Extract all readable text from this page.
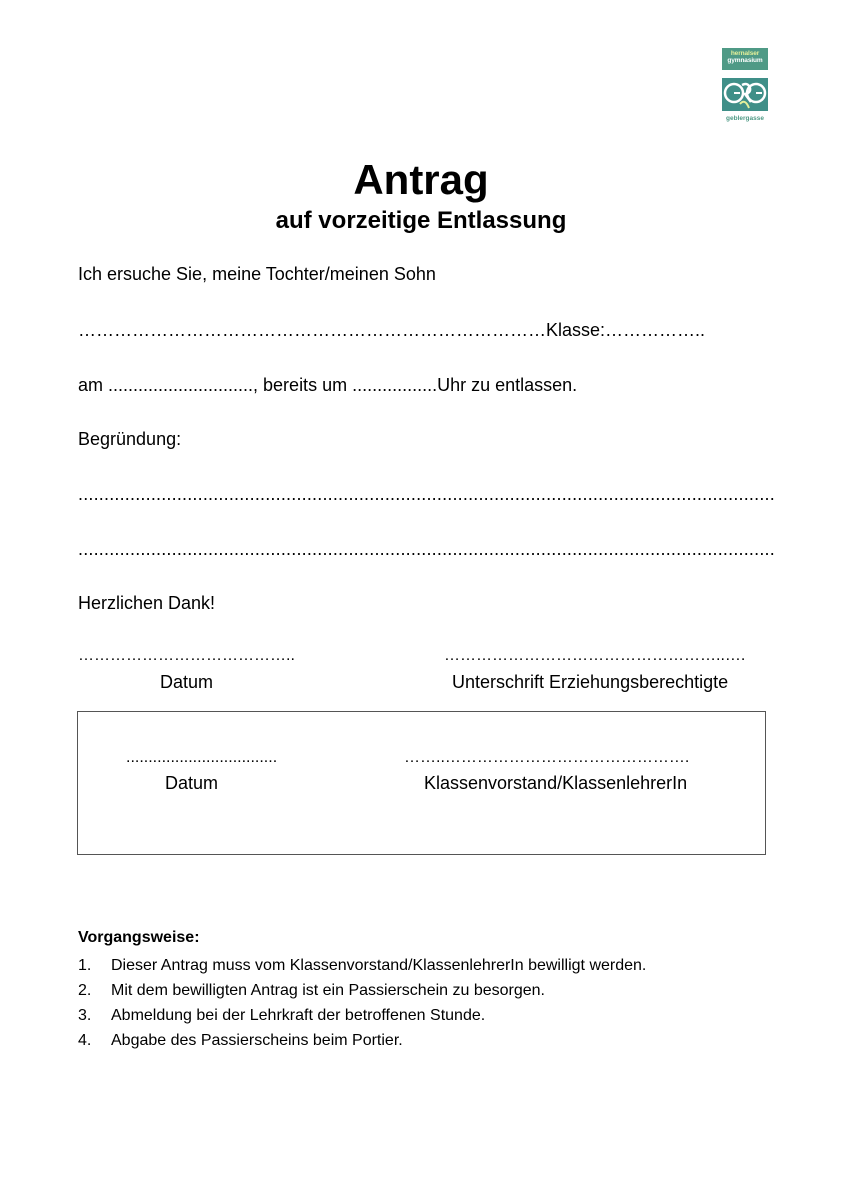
hernalser
gymnasium
geblergasse
Antrag
auf vorzeitige Entlassung
Ich ersuche Sie, meine Tochter/meinen Sohn
……………………………………………………………………Klasse:……………..
am ............................., bereits um .................Uhr zu entlassen.
Begründung:
......................................................................................................................................
......................................................................................................................................
Herzlichen Dank!
…………………………………..
Datum
……………………………………………..….
Unterschrift Erziehungsberechtigte
..................................
Datum
……..……………………………………….
Klassenvorstand/KlassenlehrerIn
Vorgangsweise:
1. Dieser Antrag muss vom Klassenvorstand/KlassenlehrerIn bewilligt werden.
2. Mit dem bewilligten Antrag ist ein Passierschein zu besorgen.
3. Abmeldung bei der Lehrkraft der betroffenen Stunde.
4. Abgabe des Passierscheins beim Portier.
